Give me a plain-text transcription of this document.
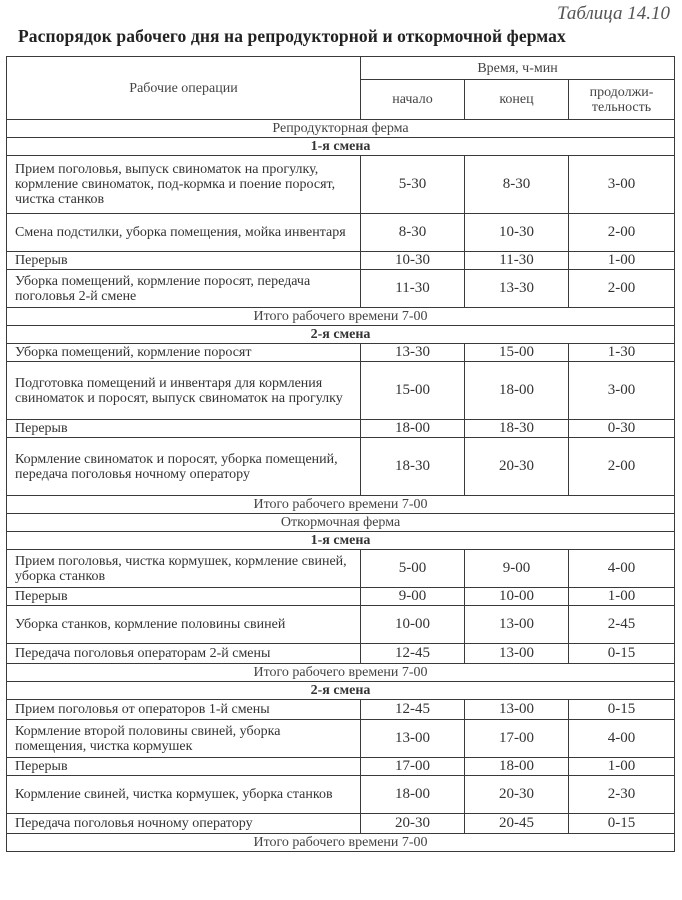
Таблица 14.10
Распорядок рабочего дня на репродукторной и откормочной фермах
Рабочие операции	Время, ч-мин		
	начало	конец	продолжи-
тельность
Репродукторная ферма			
1-я смена			
Прием поголовья, выпуск свиноматок на прогулку, кормление свиноматок, под-кормка и поение поросят, чистка станков	5-30	8-30	3-00
Смена подстилки, уборка помещения, мойка инвентаря	8-30	10-30	2-00
Перерыв	10-30	11-30	1-00
Уборка помещений, кормление поросят, передача поголовья 2-й смене	11-30	13-30	2-00
Итого рабочего времени 7-00			
2-я смена			
Уборка помещений, кормление поросят	13-30	15-00	1-30
Подготовка помещений и инвентаря для кормления свиноматок и поросят, выпуск свиноматок на прогулку	15-00	18-00	3-00
Перерыв	18-00	18-30	0-30
Кормление свиноматок и поросят, уборка помещений, передача поголовья ночному оператору	18-30	20-30	2-00
Итого рабочего времени 7-00			
Откормочная ферма			
1-я смена			
Прием поголовья, чистка кормушек, кормление свиней, уборка станков	5-00	9-00	4-00
Перерыв	9-00	10-00	1-00
Уборка станков, кормление половины свиней	10-00	13-00	2-45
Передача поголовья операторам 2-й смены	12-45	13-00	0-15
Итого рабочего времени 7-00			
2-я смена			
Прием поголовья от операторов 1-й смены	12-45	13-00	0-15
Кормление второй половины свиней, уборка помещения, чистка кормушек	13-00	17-00	4-00
Перерыв	17-00	18-00	1-00
Кормление свиней, чистка кормушек, уборка станков	18-00	20-30	2-30
Передача поголовья ночному оператору	20-30	20-45	0-15
Итого рабочего времени 7-00			
